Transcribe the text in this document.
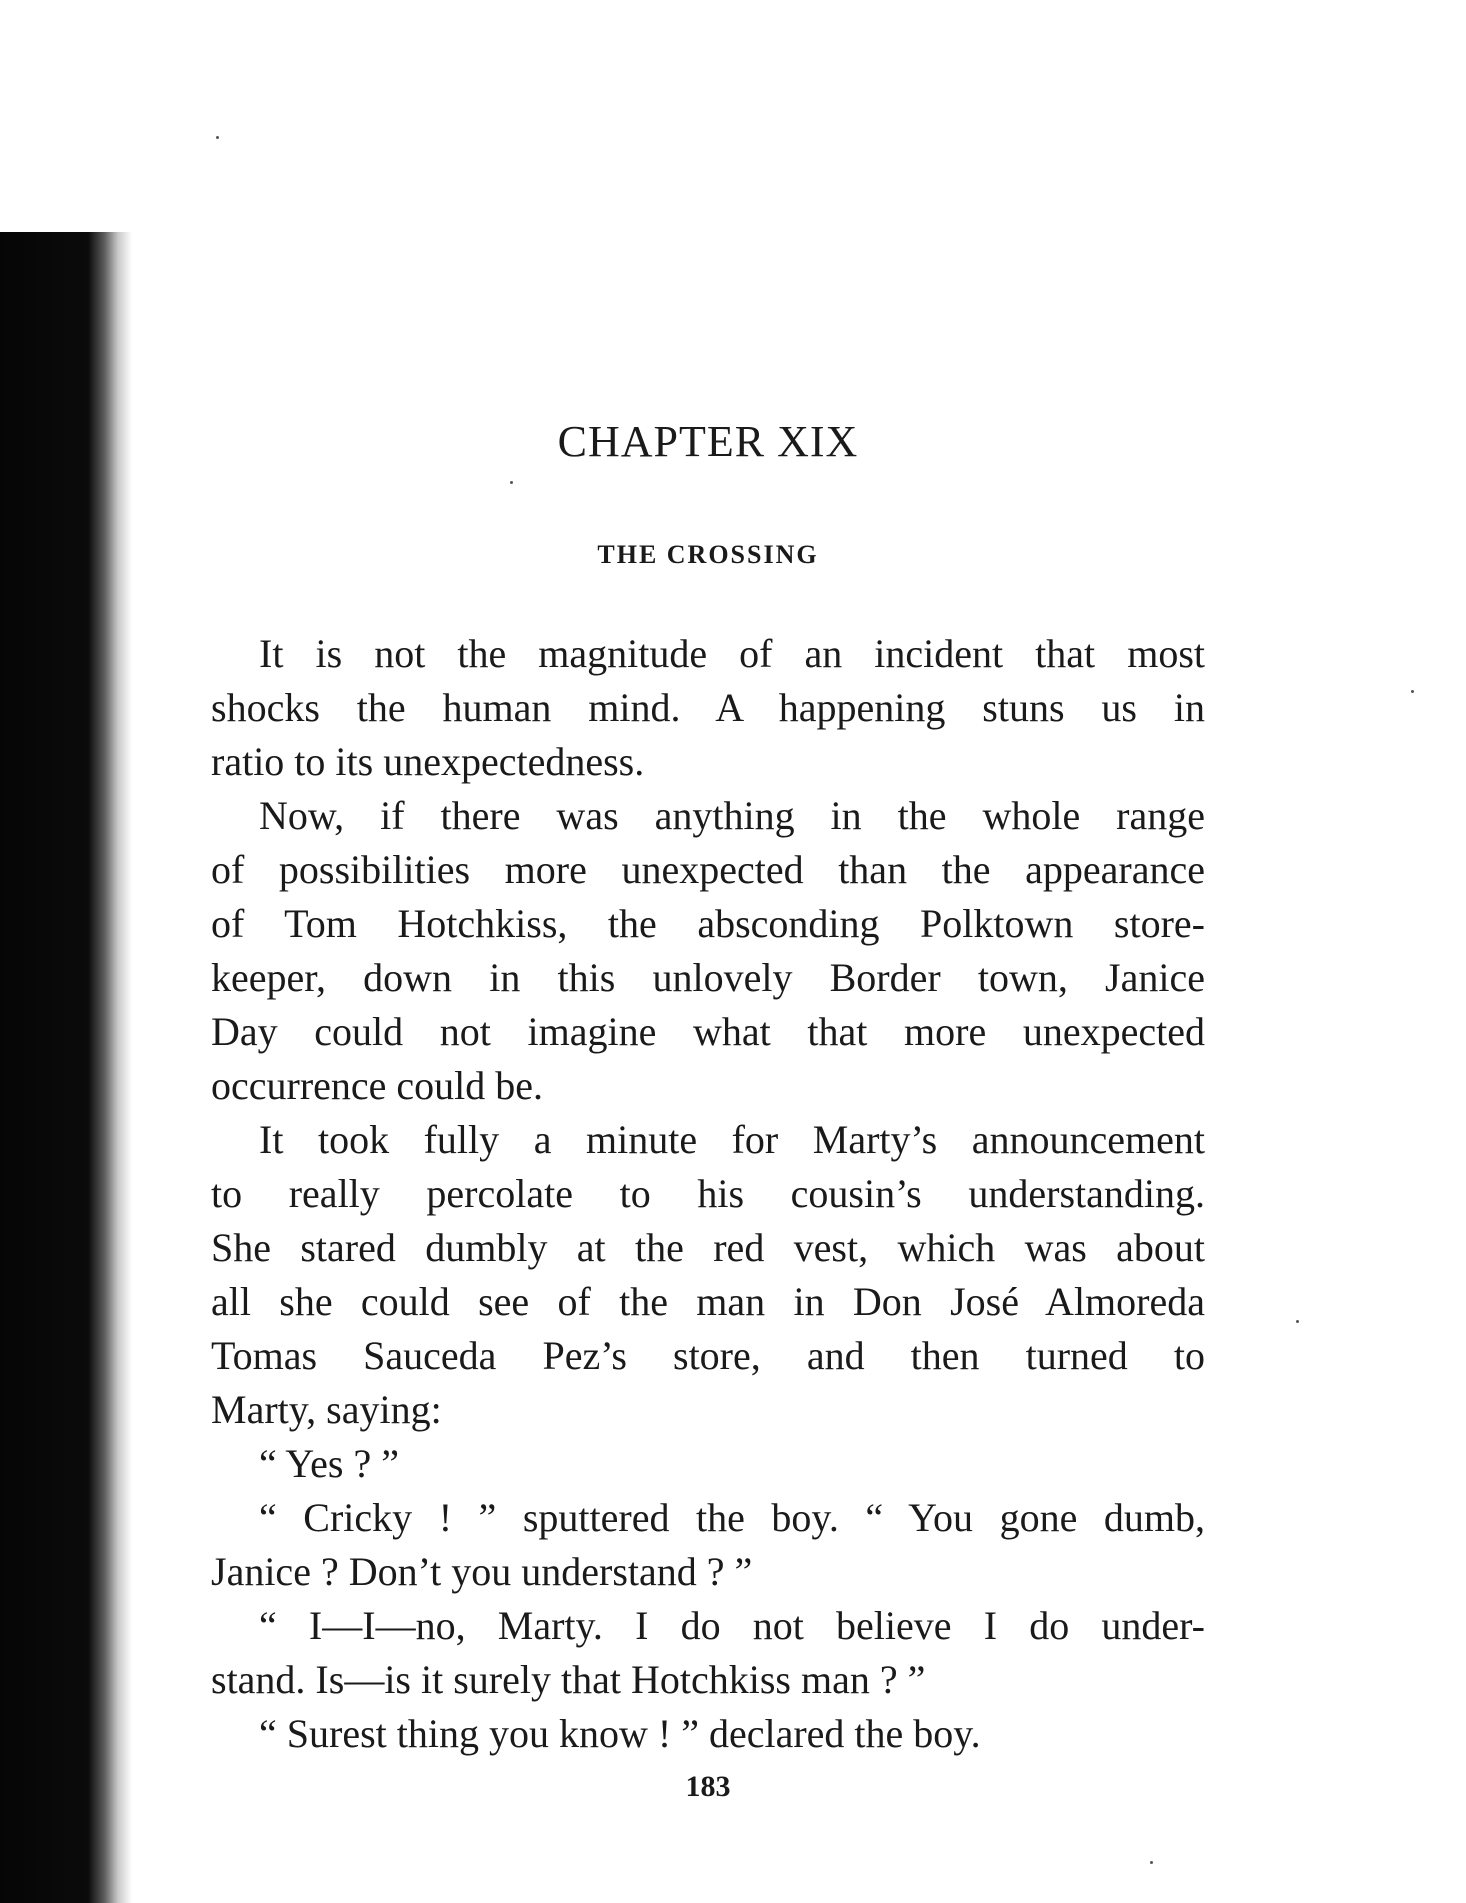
CHAPTER XIX
THE CROSSING
It is not the magnitude of an incident that most
shocks the human mind. A happening stuns us in
ratio to its unexpectedness.
Now, if there was anything in the whole range
of possibilities more unexpected than the appearance
of Tom Hotchkiss, the absconding Polktown store-
keeper, down in this unlovely Border town, Janice
Day could not imagine what that more unexpected
occurrence could be.
It took fully a minute for Marty’s announcement
to really percolate to his cousin’s understanding.
She stared dumbly at the red vest, which was about
all she could see of the man in Don José Almoreda
Tomas Sauceda Pez’s store, and then turned to
Marty, saying:
“ Yes ? ”
“ Cricky ! ” sputtered the boy. “ You gone dumb,
Janice ? Don’t you understand ? ”
“ I—I—no, Marty. I do not believe I do under-
stand. Is—is it surely that Hotchkiss man ? ”
“ Surest thing you know ! ” declared the boy.
183
